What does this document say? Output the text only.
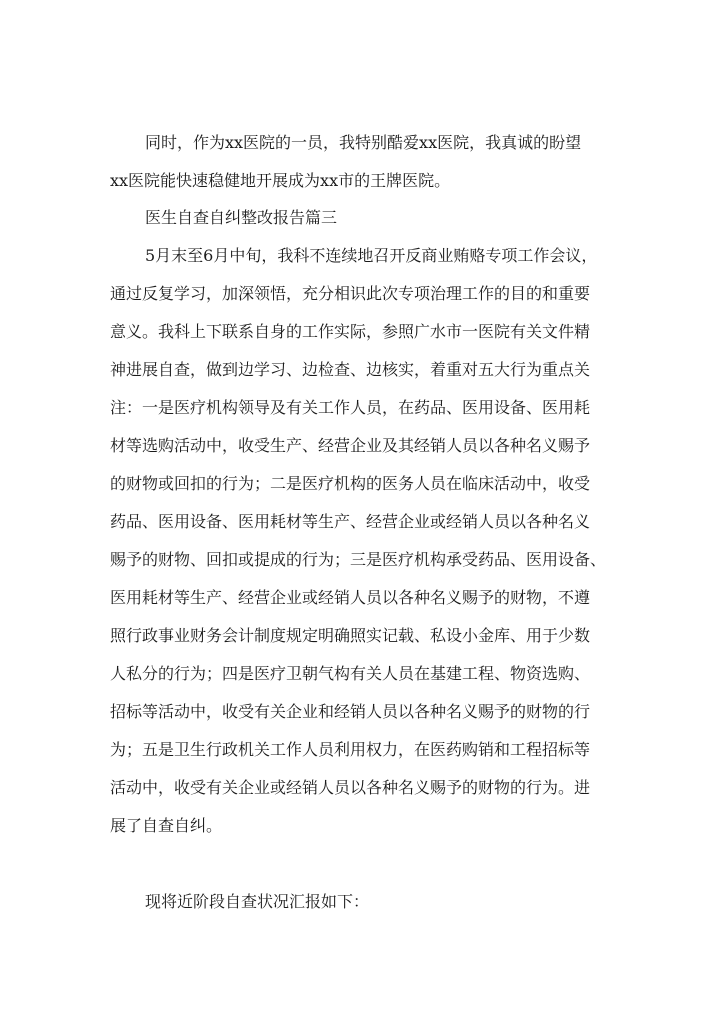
同时，作为xx医院的一员，我特别酷爱xx医院，我真诚的盼望
xx医院能快速稳健地开展成为xx市的王牌医院。
医生自查自纠整改报告篇三
5月末至6月中旬，我科不连续地召开反商业贿赂专项工作会议，
通过反复学习，加深领悟，充分相识此次专项治理工作的目的和重要
意义。我科上下联系自身的工作实际，参照广水市一医院有关文件精
神进展自查，做到边学习、边检查、边核实，着重对五大行为重点关
注：一是医疗机构领导及有关工作人员，在药品、医用设备、医用耗
材等选购活动中，收受生产、经营企业及其经销人员以各种名义赐予
的财物或回扣的行为；二是医疗机构的医务人员在临床活动中，收受
药品、医用设备、医用耗材等生产、经营企业或经销人员以各种名义
赐予的财物、回扣或提成的行为；三是医疗机构承受药品、医用设备、
医用耗材等生产、经营企业或经销人员以各种名义赐予的财物，不遵
照行政事业财务会计制度规定明确照实记载、私设小金库、用于少数
人私分的行为；四是医疗卫朝气构有关人员在基建工程、物资选购、
招标等活动中，收受有关企业和经销人员以各种名义赐予的财物的行
为；五是卫生行政机关工作人员利用权力，在医药购销和工程招标等
活动中，收受有关企业或经销人员以各种名义赐予的财物的行为。进
展了自查自纠。
现将近阶段自查状况汇报如下：
